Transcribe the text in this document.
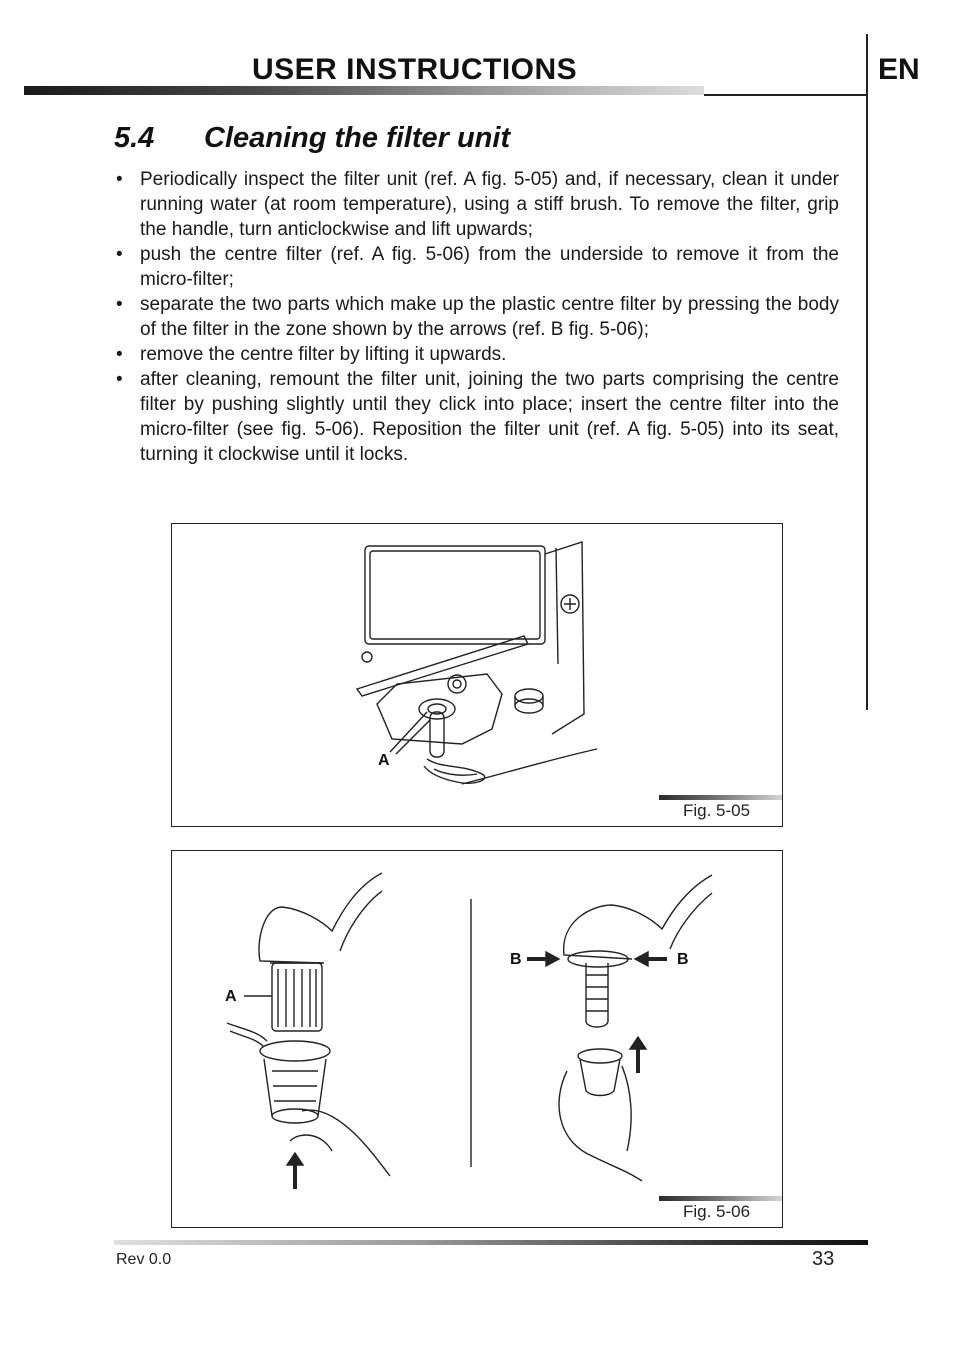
USER INSTRUCTIONS	EN
5.4 Cleaning the filter unit
• Periodically inspect the filter unit (ref. A fig. 5-05) and, if necessary, clean it under running water (at room temperature), using a stiff brush. To remove the filter, grip the handle, turn anticlockwise and lift upwards;
• push the centre filter (ref. A fig. 5-06) from the underside to remove it from the micro-filter;
• separate the two parts which make up the plastic centre filter by pressing the body of the filter in the zone shown by the arrows (ref. B fig. 5-06);
• remove the centre filter by lifting it upwards.
• after cleaning, remount the filter unit, joining the two parts comprising the centre filter by pushing slightly until they click into place; insert the centre filter into the micro-filter (see fig. 5-06). Reposition the filter unit (ref. A fig. 5-05) into its seat, turning it clockwise until it locks.
A
Fig. 5-05
A
B	B
Fig. 5-06
Rev 0.0	33
